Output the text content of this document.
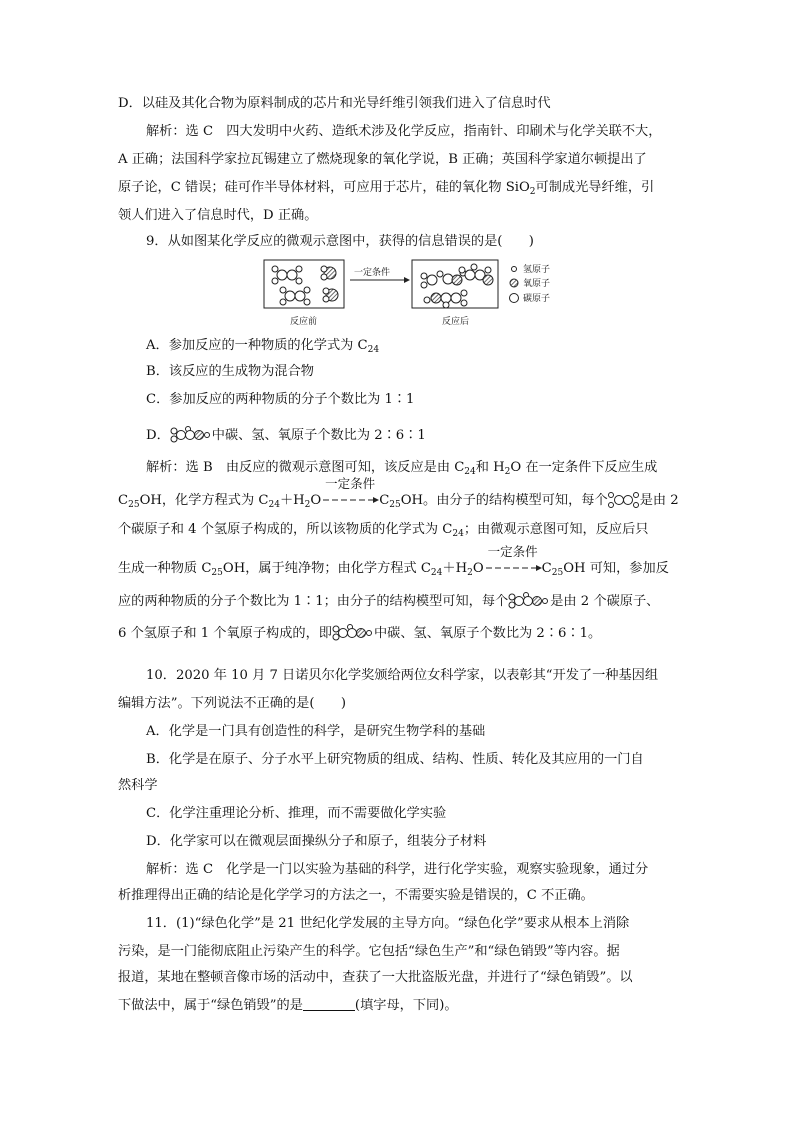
D．以硅及其化合物为原料制成的芯片和光导纤维引领我们进入了信息时代
解析：选 C　四大发明中火药、造纸术涉及化学反应，指南针、印刷术与化学关联不大，
A 正确；法国科学家拉瓦锡建立了燃烧现象的氧化学说，B 正确；英国科学家道尔顿提出了
原子论，C 错误；硅可作半导体材料，可应用于芯片，硅的氧化物 SiO$_2$可制成光导纤维，引
领人们进入了信息时代，D 正确。
9．从如图某化学反应的微观示意图中，获得的信息错误的是(　　)
氢原子
氧原子
碳原子
一定条件
反应前	反应后
A．参加反应的一种物质的化学式为 $C_{24}$
B．该反应的生成物为混合物
C．参加反应的两种物质的分子个数比为 1∶1
D．	中碳、氢、氧原子个数比为 2∶6∶1
解析：选 B　由反应的微观示意图可知，该反应是由 $C_{24}$和 $H_2O$ 在一定条件下反应生成
$C_{25}OH$，化学方程式为 $C_{24}+H_2O$
一定条件
$C_{25}OH$。由分子的结构模型可知，每个 是由 2
个碳原子和 4 个氢原子构成的，所以该物质的化学式为 $C_{24}$；由微观示意图可知，反应后只
生成一种物质 $C_{25}OH$，属于纯净物；由化学方程式 $C_{24}+H_2O$
一定条件
$C_{25}OH$ 可知，参加反
应的两种物质的分子个数比为 1∶1；由分子的结构模型可知，每个	是由 2 个碳原子、
6 个氢原子和 1 个氧原子构成的，即	中碳、氢、氧原子个数比为 2∶6∶1。
10．2020 年 10 月 7 日诺贝尔化学奖颁给两位女科学家，以表彰其“开发了一种基因组
编辑方法”。下列说法不正确的是(　　)
A．化学是一门具有创造性的科学，是研究生物学科的基础
B．化学是在原子、分子水平上研究物质的组成、结构、性质、转化及其应用的一门自
然科学
C．化学注重理论分析、推理，而不需要做化学实验
D．化学家可以在微观层面操纵分子和原子，组装分子材料
解析：选 C　化学是一门以实验为基础的科学，进行化学实验，观察实验现象，通过分
析推理得出正确的结论是化学学习的方法之一，不需要实验是错误的，C 不正确。
11．(1)“绿色化学”是 21 世纪化学发展的主导方向。“绿色化学”要求从根本上消除
污染，是一门能彻底阻止污染产生的科学。它包括“绿色生产”和“绿色销毁”等内容。据
报道，某地在整顿音像市场的活动中，查获了一大批盗版光盘，并进行了“绿色销毁”。以
下做法中，属于“绿色销毁”的是	(填字母，下同)。
